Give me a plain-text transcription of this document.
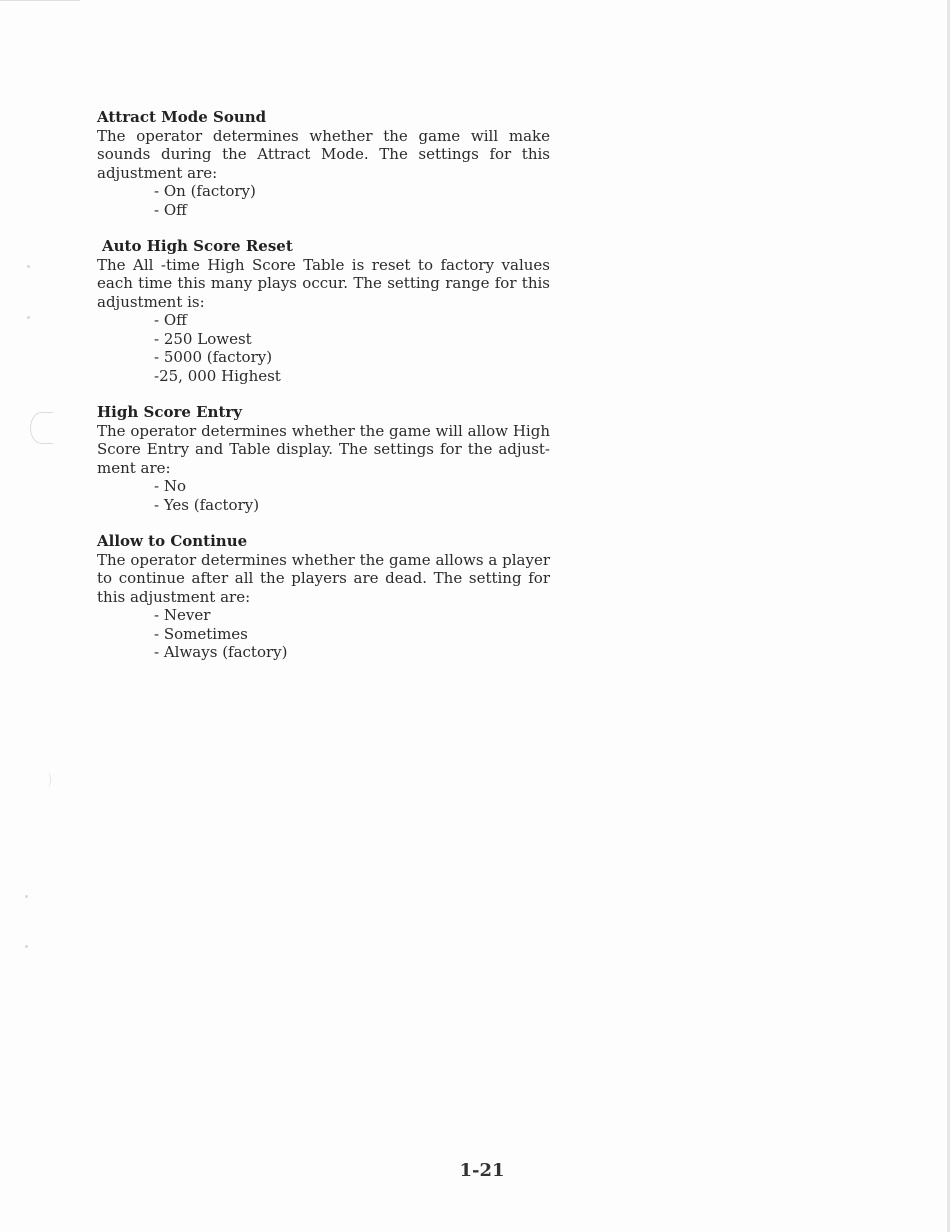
Attract Mode Sound

The operator determines whether the game will make sounds during the Attract Mode. The settings for this adjustment are:

- On (factory)
- Off
Auto High Score Reset

The All -time High Score Table is reset to factory values each time this many plays occur. The setting range for this adjustment is:

- Off
- 250 Lowest
- 5000 (factory)
-25, 000 Highest
High Score Entry

The operator determines whether the game will allow High Score Entry and Table display. The settings for the adjust-ment are:

- No
- Yes (factory)
Allow to Continue

The operator determines whether the game allows a player to continue after all the players are dead. The setting for this adjustment are:

- Never
- Sometimes
- Always (factory)
1-21
